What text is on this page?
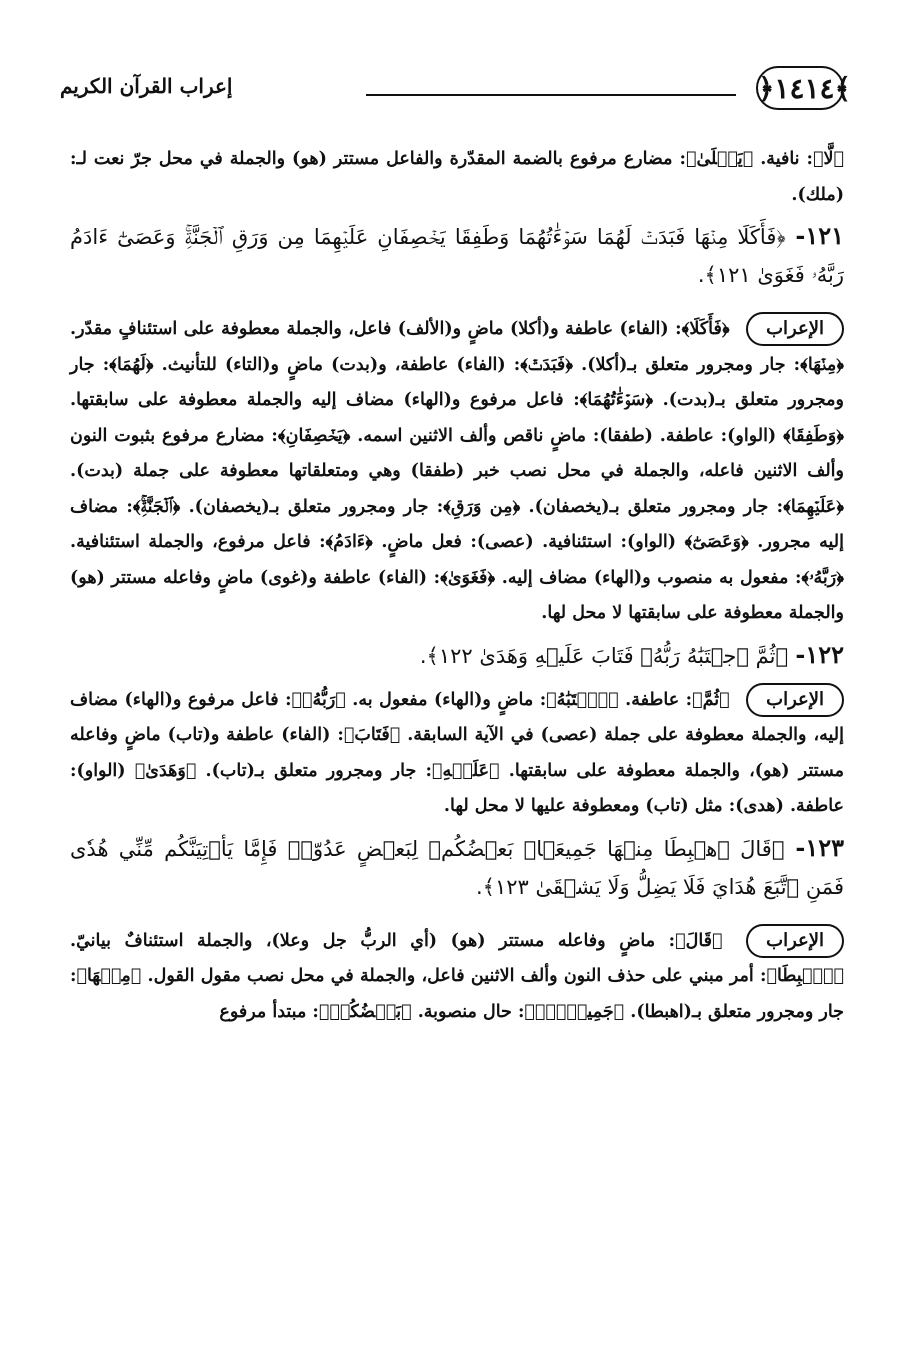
﴿١٤١٤﴾
إعراب القرآن الكريم

﴿لَّا﴾: نافية. ﴿يَبۡلَىٰ﴾: مضارع مرفوع بالضمة المقدّرة والفاعل مستتر (هو) والجملة في محل جرّ نعت لـ: (ملك).

١٢١- ﴿فَأَكَلَا مِنۡهَا فَبَدَتۡ لَهُمَا سَوۡءَٰتُهُمَا وَطَفِقَا يَخۡصِفَانِ عَلَيۡهِمَا مِن وَرَقِ ٱلۡجَنَّةِۚ وَعَصَىٰٓ ءَادَمُ رَبَّهُۥ فَغَوَىٰ ١٢١﴾.

الإعراب ﴿فَأَكَلَا﴾: (الفاء) عاطفة و(أكلا) ماضٍ و(الألف) فاعل، والجملة معطوفة على استئنافٍ مقدّر. ﴿مِنۡهَا﴾: جار ومجرور متعلق بـ(أكلا). ﴿فَبَدَتۡ﴾: (الفاء) عاطفة، و(بدت) ماضٍ و(التاء) للتأنيث. ﴿لَهُمَا﴾: جار ومجرور متعلق بـ(بدت). ﴿سَوۡءَٰتُهُمَا﴾: فاعل مرفوع و(الهاء) مضاف إليه والجملة معطوفة على سابقتها. ﴿وَطَفِقَا﴾ (الواو): عاطفة. (طفقا): ماضٍ ناقص وألف الاثنين اسمه. ﴿يَخۡصِفَانِ﴾: مضارع مرفوع بثبوت النون وألف الاثنين فاعله، والجملة في محل نصب خبر (طفقا) وهي ومتعلقاتها معطوفة على جملة (بدت). ﴿عَلَيۡهِمَا﴾: جار ومجرور متعلق بـ(يخصفان). ﴿مِن وَرَقِ﴾: جار ومجرور متعلق بـ(يخصفان). ﴿ٱلۡجَنَّةِۚ﴾: مضاف إليه مجرور. ﴿وَعَصَىٰٓ﴾ (الواو): استئنافية. (عصى): فعل ماضٍ. ﴿ءَادَمُ﴾: فاعل مرفوع، والجملة استئنافية. ﴿رَبَّهُۥ﴾: مفعول به منصوب و(الهاء) مضاف إليه. ﴿فَغَوَىٰ﴾: (الفاء) عاطفة و(غوى) ماضٍ وفاعله مستتر (هو) والجملة معطوفة على سابقتها لا محل لها.

١٢٢- ﴿ثُمَّ ٱجۡتَبَٰهُ رَبُّهُۥ فَتَابَ عَلَيۡهِ وَهَدَىٰ ١٢٢﴾.

الإعراب ﴿ثُمَّ﴾: عاطفة. ﴿ٱجۡتَبَٰهُ﴾: ماضٍ و(الهاء) مفعول به. ﴿رَبُّهُۥ﴾: فاعل مرفوع و(الهاء) مضاف إليه، والجملة معطوفة على جملة (عصى) في الآية السابقة. ﴿فَتَابَ﴾: (الفاء) عاطفة و(تاب) ماضٍ وفاعله مستتر (هو)، والجملة معطوفة على سابقتها. ﴿عَلَيۡهِ﴾: جار ومجرور متعلق بـ(تاب). ﴿وَهَدَىٰ﴾ (الواو): عاطفة. (هدى): مثل (تاب) ومعطوفة عليها لا محل لها.

١٢٣- ﴿قَالَ ٱهۡبِطَا مِنۡهَا جَمِيعَۢاۖ بَعۡضُكُمۡ لِبَعۡضٍ عَدُوّٞۖ فَإِمَّا يَأۡتِيَنَّكُم مِّنِّي هُدٗى فَمَنِ ٱتَّبَعَ هُدَايَ فَلَا يَضِلُّ وَلَا يَشۡقَىٰ ١٢٣﴾.

الإعراب ﴿قَالَ﴾: ماضٍ وفاعله مستتر (هو) (أي الربُّ جل وعلا)، والجملة استئنافٌ بيانيّ. ﴿ٱهۡبِطَا﴾: أمر مبني على حذف النون وألف الاثنين فاعل، والجملة في محل نصب مقول القول. ﴿مِنۡهَا﴾: جار ومجرور متعلق بـ(اهبطا). ﴿جَمِيعَۢاۖ﴾: حال منصوبة. ﴿بَعۡضُكُمۡ﴾: مبتدأ مرفوع
